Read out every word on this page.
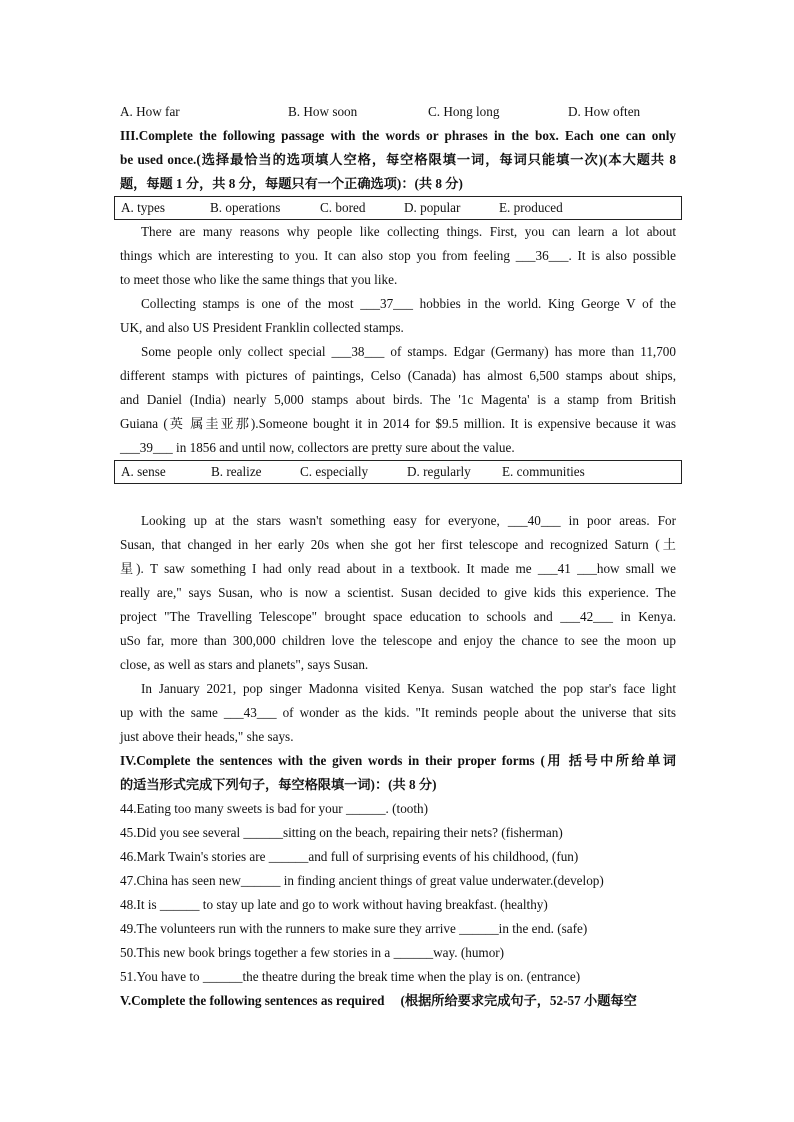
A. How far	B. How soon	C. Hong long	D. How often
III.Complete the following passage with the words or phrases in the box. Each one can only
be used once.(选择最恰当的选项填人空格，每空格限填一词，每词只能填一次)(本大题共 8
题，每题 1 分，共 8 分，每题只有一个正确选项)：(共 8 分)
A. types	B. operations	C. bored	D. popular	E. produced
There are many reasons why people like collecting things. First, you can learn a lot about
things which are interesting to you. It can also stop you from feeling ___36___. It is also possible
to meet those who like the same things that you like.
Collecting stamps is one of the most ___37___ hobbies in the world. King George V of the
UK, and also US President Franklin collected stamps.
Some people only collect special ___38___ of stamps. Edgar (Germany) has more than 11,700
different stamps with pictures of paintings, Celso (Canada) has almost 6,500 stamps about ships,
and Daniel (India) nearly 5,000 stamps about birds. The '1c Magenta' is a stamp from British
Guiana (英 属圭亚那).Someone bought it in 2014 for $9.5 million. It is expensive because it was
___39___ in 1856 and until now, collectors are pretty sure about the value.
A. sense	B. realize	C. especially	D. regularly	E. communities
Looking up at the stars wasn't something easy for everyone, ___40___ in poor areas. For
Susan, that changed in her early 20s when she got her first telescope and recognized Saturn (土
星). T saw something I had only read about in a textbook. It made me ___41 ___how small we
really are," says Susan, who is now a scientist. Susan decided to give kids this experience. The
project "The Travelling Telescope" brought space education to schools and ___42___ in Kenya.
uSo far, more than 300,000 children love the telescope and enjoy the chance to see the moon up
close, as well as stars and planets", says Susan.
In January 2021, pop singer Madonna visited Kenya. Susan watched the pop star's face light
up with the same ___43___ of wonder as the kids. "It reminds people about the universe that sits
just above their heads," she says.
IV.Complete the sentences with the given words in their proper forms (用 括号中所给单词
的适当形式完成下列句子，每空格限填一词)：(共 8 分)
44.Eating too many sweets is bad for your ______. (tooth)
45.Did you see several ______sitting on the beach, repairing their nets? (fisherman)
46.Mark Twain's stories are ______and full of surprising events of his childhood, (fun)
47.China has seen new______ in finding ancient things of great value underwater.(develop)
48.It is ______ to stay up late and go to work without having breakfast. (healthy)
49.The volunteers run with the runners to make sure they arrive ______in the end. (safe)
50.This new book brings together a few stories in a ______way. (humor)
51.You have to ______the theatre during the break time when the play is on. (entrance)
V.Complete the following sentences as required (根据所给要求完成句子，52-57 小题每空
